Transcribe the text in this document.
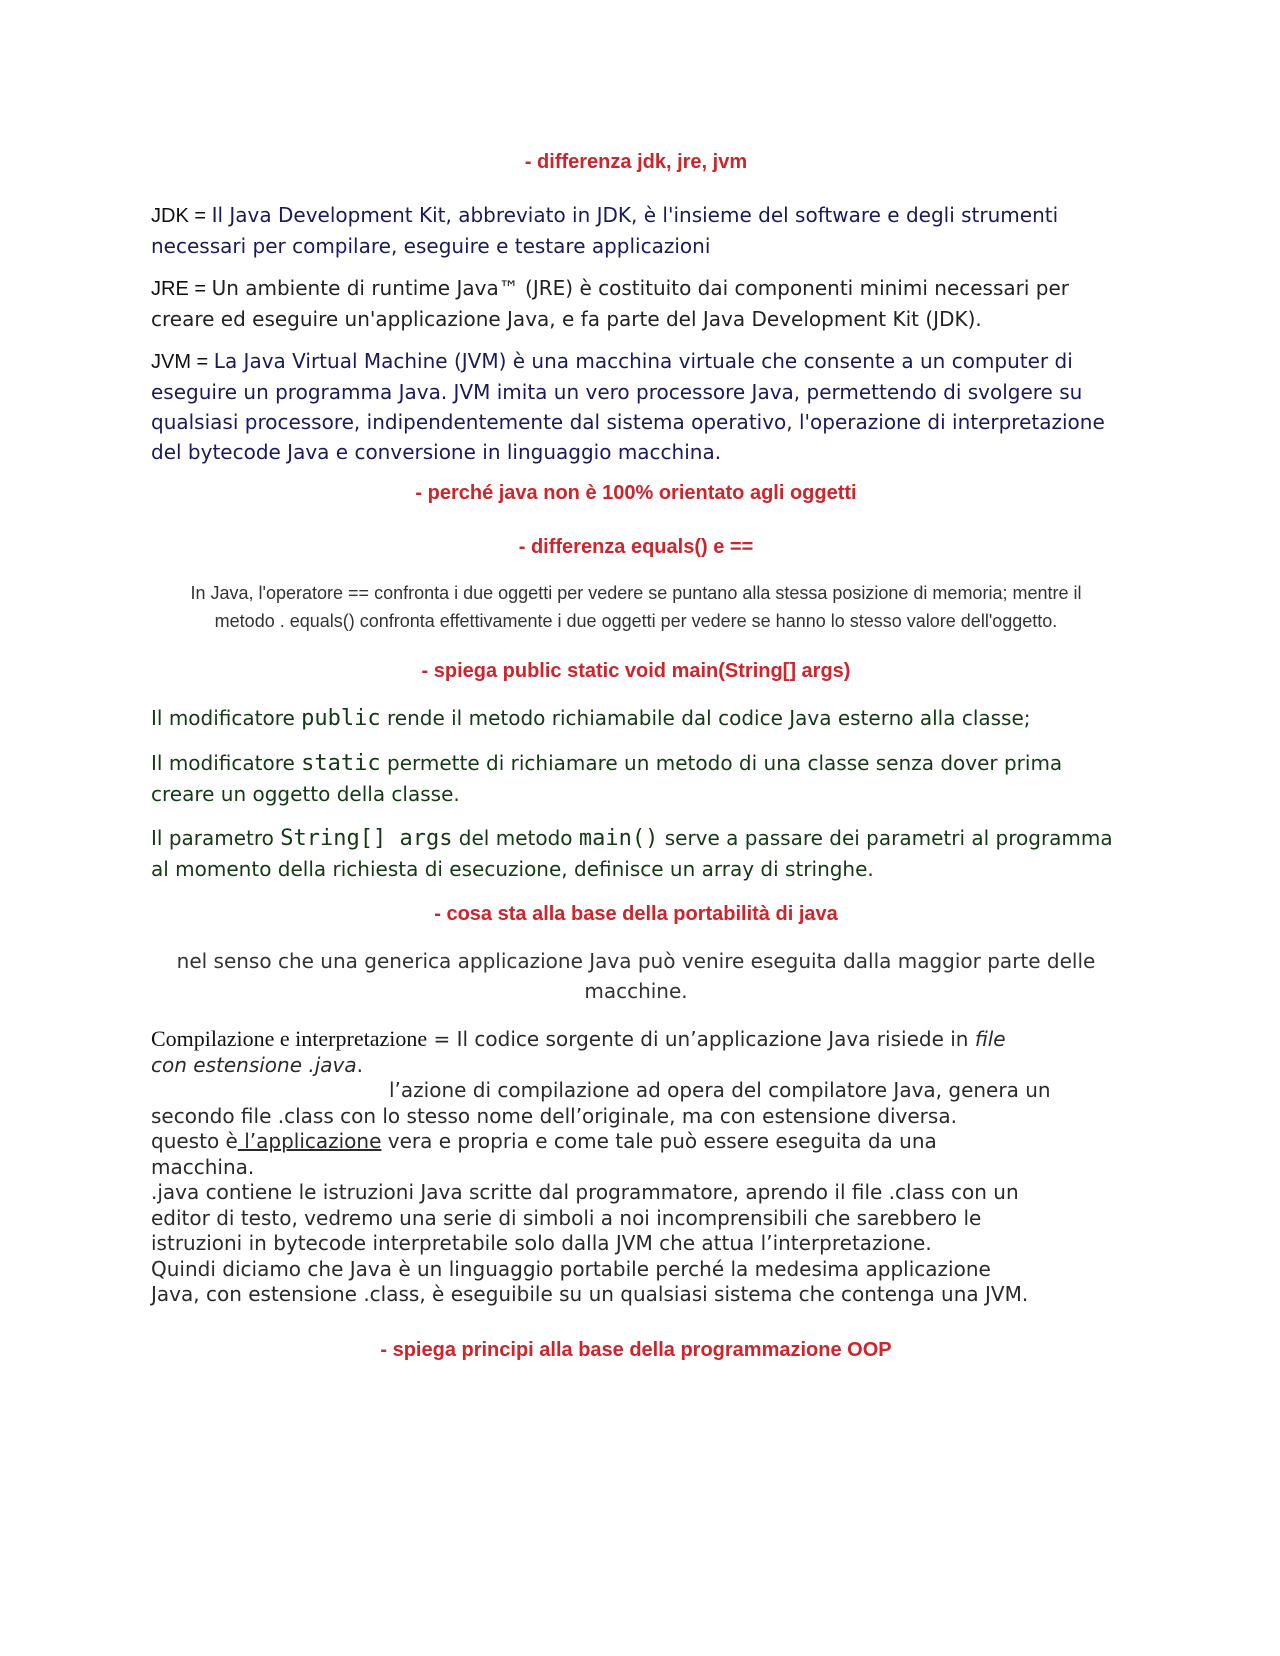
- differenza jdk, jre, jvm

JDK = Il Java Development Kit, abbreviato in JDK, è l'insieme del software e degli strumenti necessari per compilare, eseguire e testare applicazioni

JRE = Un ambiente di runtime Java™ (JRE) è costituito dai componenti minimi necessari per creare ed eseguire un'applicazione Java, e fa parte del Java Development Kit (JDK).

JVM = La Java Virtual Machine (JVM) è una macchina virtuale che consente a un computer di eseguire un programma Java. JVM imita un vero processore Java, permettendo di svolgere su qualsiasi processore, indipendentemente dal sistema operativo, l'operazione di interpretazione del bytecode Java e conversione in linguaggio macchina.

- perché java non è 100% orientato agli oggetti

- differenza equals() e ==

In Java, l'operatore == confronta i due oggetti per vedere se puntano alla stessa posizione di memoria; mentre il metodo . equals() confronta effettivamente i due oggetti per vedere se hanno lo stesso valore dell'oggetto.

- spiega public static void main(String[] args)

Il modificatore public rende il metodo richiamabile dal codice Java esterno alla classe;

Il modificatore static permette di richiamare un metodo di una classe senza dover prima creare un oggetto della classe.

Il parametro String[] args del metodo main() serve a passare dei parametri al programma al momento della richiesta di esecuzione, definisce un array di stringhe.

- cosa sta alla base della portabilità di java

nel senso che una generica applicazione Java può venire eseguita dalla maggior parte delle macchine.

Compilazione e interpretazione = Il codice sorgente di un’applicazione Java risiede in file
con estensione .java.
l’azione di compilazione ad opera del compilatore Java, genera un
secondo file .class con lo stesso nome dell’originale, ma con estensione diversa.
questo è l’applicazione vera e propria e come tale può essere eseguita da una
macchina.
.java contiene le istruzioni Java scritte dal programmatore, aprendo il file .class con un
editor di testo, vedremo una serie di simboli a noi incomprensibili che sarebbero le
istruzioni in bytecode interpretabile solo dalla JVM che attua l’interpretazione.
Quindi diciamo che Java è un linguaggio portabile perché la medesima applicazione
Java, con estensione .class, è eseguibile su un qualsiasi sistema che contenga una JVM.

- spiega principi alla base della programmazione OOP
